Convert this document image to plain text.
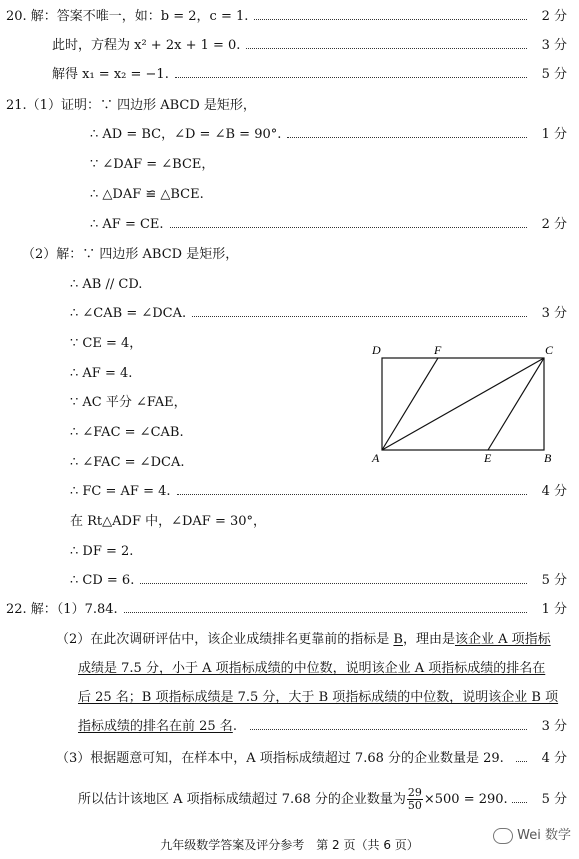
20. 解：答案不唯一，如：b = 2，c = 1.	2 分
此时，方程为 x² + 2x + 1 = 0.	3 分
解得 x₁ = x₂ = −1.	5 分
21.（1）证明：∵ 四边形 ABCD 是矩形，
∴ AD = BC，∠D = ∠B = 90°.	1 分
∵ ∠DAF = ∠BCE，
∴ △DAF ≌ △BCE.
∴ AF = CE.	2 分
（2）解：∵ 四边形 ABCD 是矩形，
∴ AB // CD.
∴ ∠CAB = ∠DCA.	3 分
∵ CE = 4，
∴ AF = 4.
∵ AC 平分 ∠FAE，
∴ ∠FAC = ∠CAB.
∴ ∠FAC = ∠DCA.
∴ FC = AF = 4.	4 分
在 Rt△ADF 中，∠DAF = 30°，
∴ DF = 2.
∴ CD = 6.	5 分
22. 解：（1）7.84.	1 分
（2）在此次调研评估中，该企业成绩排名更靠前的指标是 B，理由是该企业 A 项指标
成绩是 7.5 分，小于 A 项指标成绩的中位数，说明该企业 A 项指标成绩的排名在
后 25 名；B 项指标成绩是 7.5 分，大于 B 项指标成绩的中位数，说明该企业 B 项
指标成绩的排名在前 25 名.	3 分
（3）根据题意可知，在样本中，A 项指标成绩超过 7.68 分的企业数量是 29.	4 分
所以估计该地区 A 项指标成绩超过 7.68 分的企业数量为 $\frac{29}{50} \times 500 = 290$.	5 分
D	F	C
A	E	B
九年级数学答案及评分参考　第 2 页（共 6 页）
Wei 数学
